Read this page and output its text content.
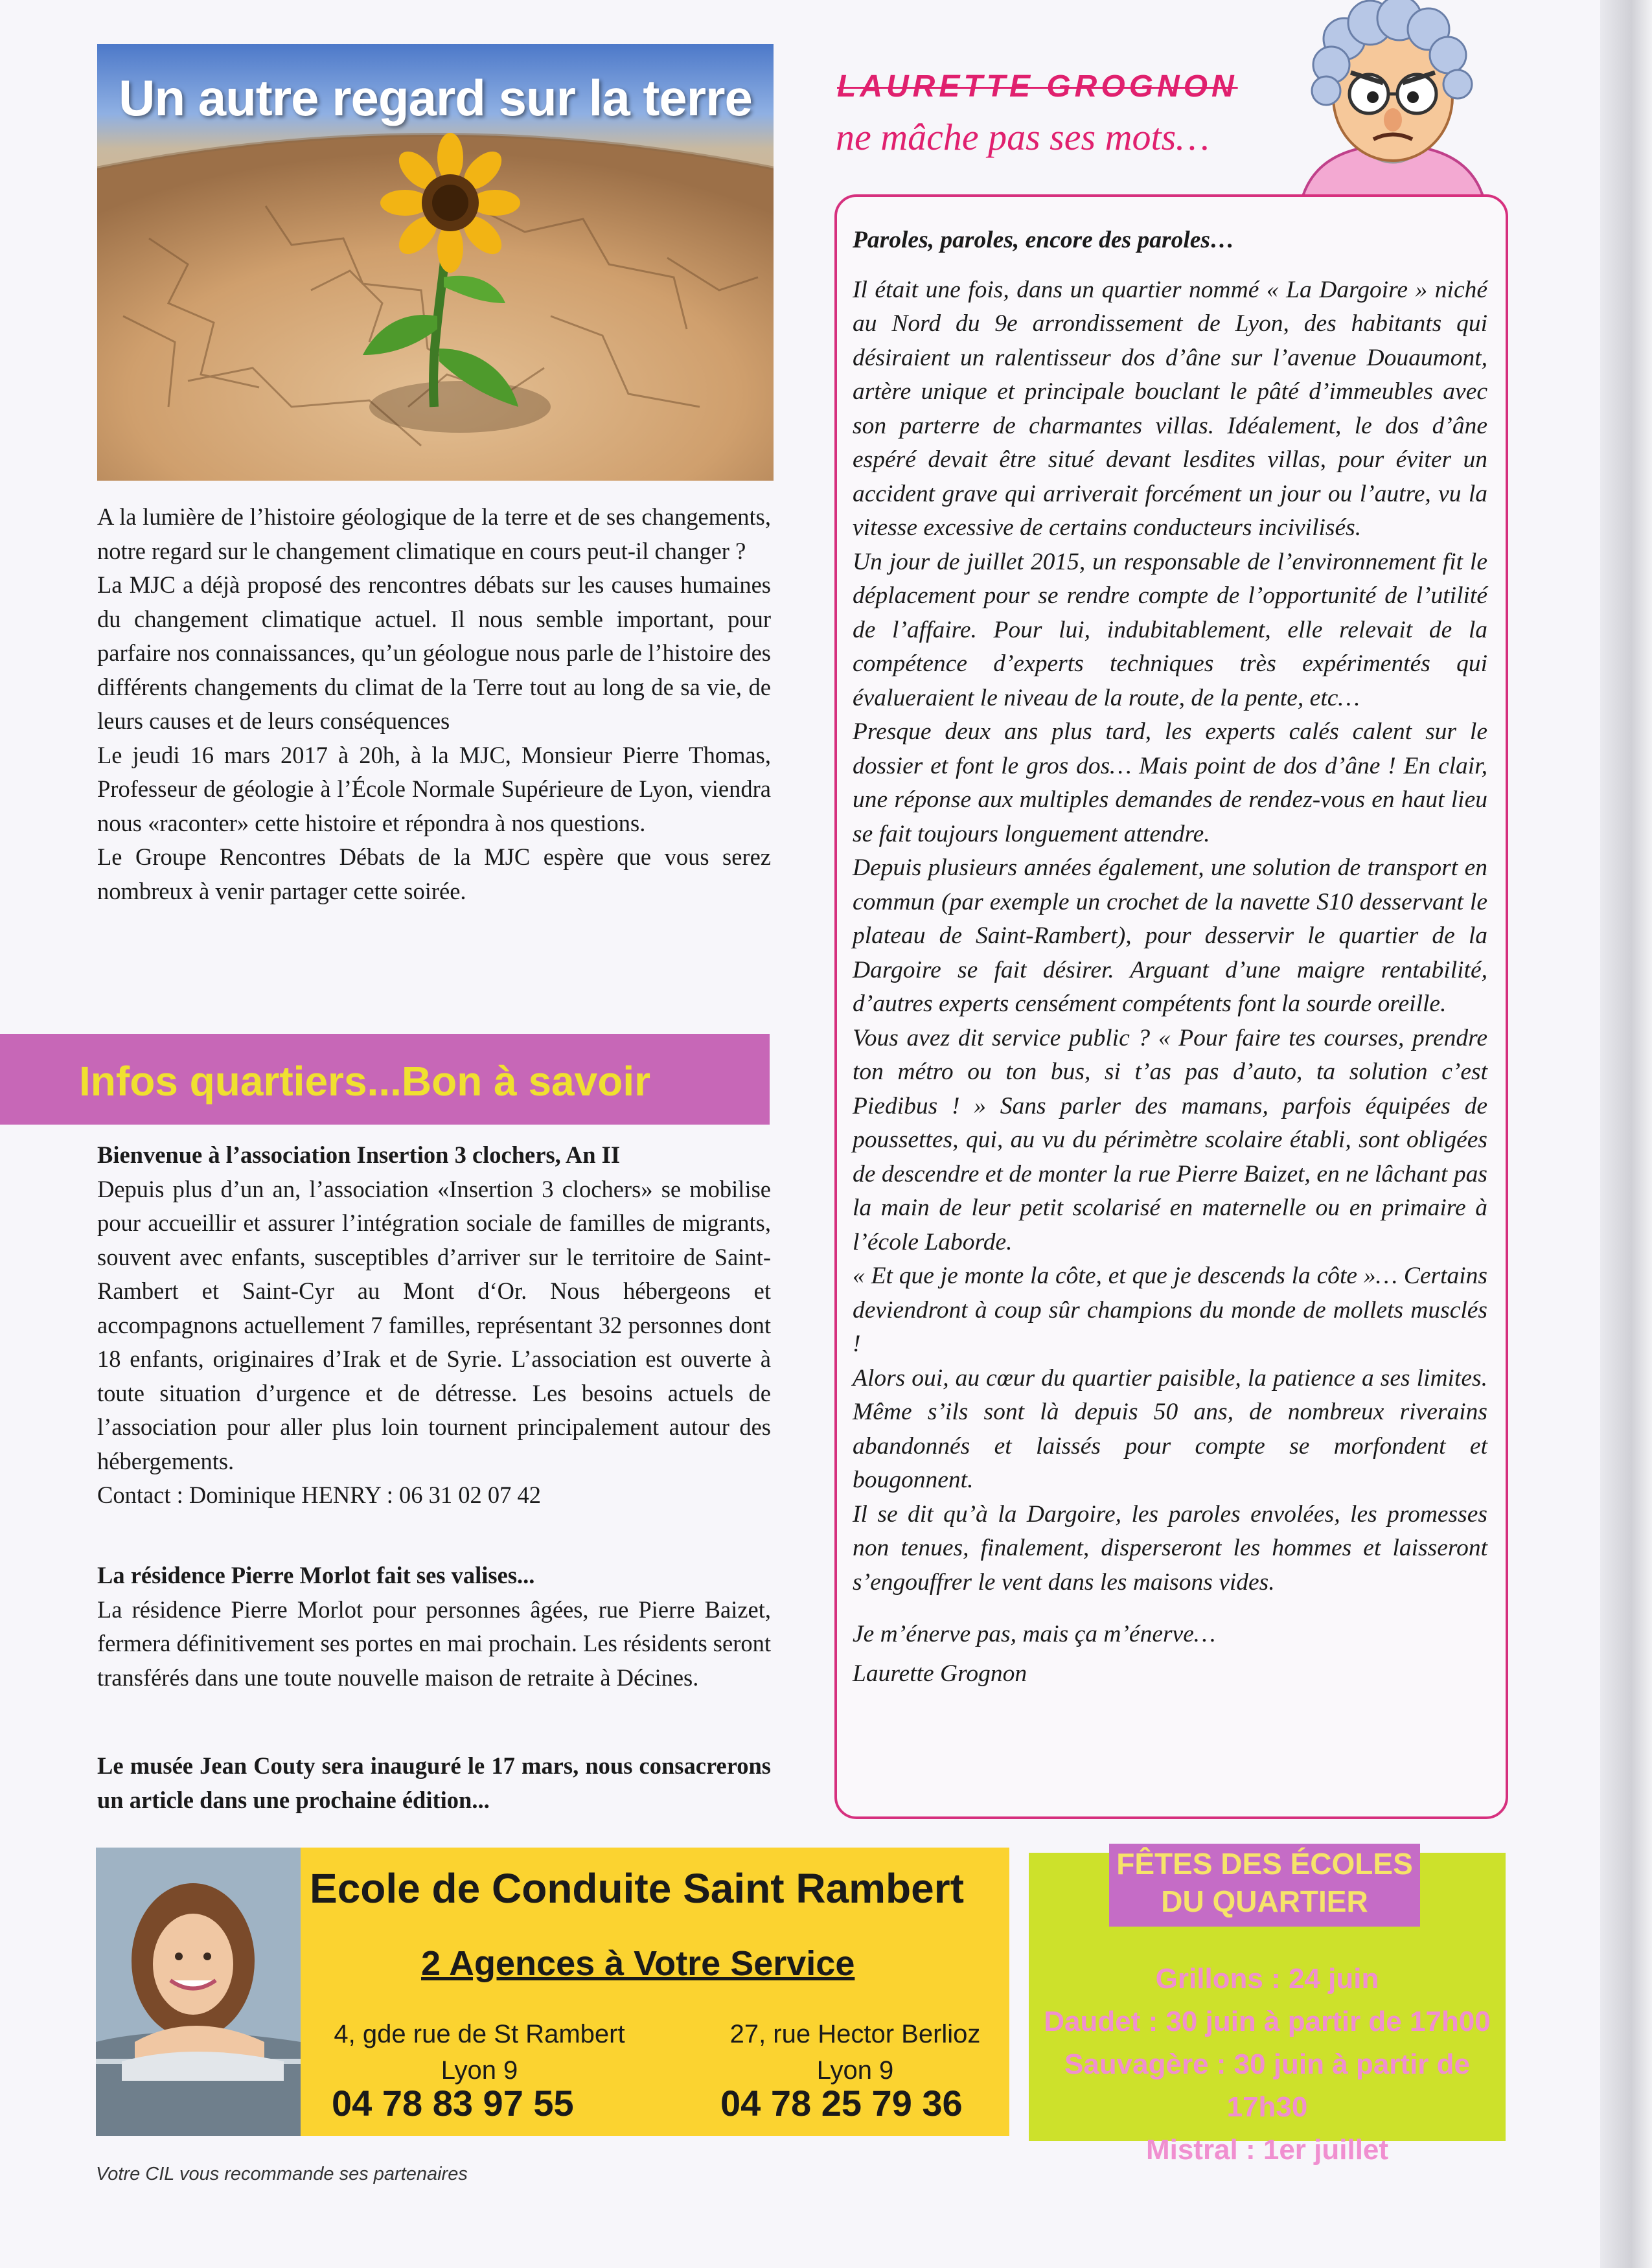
Un autre regard sur la terre

A la lumière de l’histoire géologique de la terre et de ses changements, notre regard sur le changement climatique en cours peut-il changer ?

La MJC a déjà proposé des rencontres débats sur les causes humaines du changement climatique actuel. Il nous semble important, pour parfaire nos connaissances, qu’un géologue nous parle de l’histoire des différents changements du climat de la Terre tout au long de sa vie, de leurs causes et de leurs conséquences

Le jeudi 16 mars 2017 à 20h, à la MJC, Monsieur Pierre Thomas, Professeur de géologie à l’École Normale Supérieure de Lyon, viendra nous «raconter» cette histoire et répondra à nos questions.

Le Groupe Rencontres Débats de la MJC espère que vous serez nombreux à venir partager cette soirée.

Infos quartiers...Bon à savoir

Bienvenue à l’association Insertion 3 clochers, An II

Depuis plus d’un an, l’association «Insertion 3 clochers» se mobilise pour accueillir et assurer l’intégration sociale de familles de migrants, souvent avec enfants, susceptibles d’arriver sur le territoire de Saint-Rambert et Saint-Cyr au Mont d‘Or. Nous hébergeons et accompagnons actuellement 7 familles, représentant 32 personnes dont 18 enfants, originaires d’Irak et de Syrie. L’association est ouverte à toute situation d’urgence et de détresse. Les besoins actuels de l’association pour aller plus loin tournent principalement autour des hébergements.

Contact : Dominique HENRY : 06 31 02 07 42

La résidence Pierre Morlot fait ses valises...

La résidence Pierre Morlot pour personnes âgées, rue Pierre Baizet, fermera définitivement ses portes en mai prochain. Les résidents seront transférés dans une toute nouvelle maison de retraite à Décines.

Le musée Jean Couty sera inauguré le 17 mars, nous consacrerons un article dans une prochaine édition...

LAURETTE GROGNON
ne mâche pas ses mots…

Paroles, paroles, encore des paroles…

Il était une fois, dans un quartier nommé « La Dargoire » niché au Nord du 9e arrondissement de Lyon, des habitants qui désiraient un ralentisseur dos d’âne sur l’avenue Douaumont, artère unique et principale bouclant le pâté d’immeubles avec son parterre de charmantes villas. Idéalement, le dos d’âne espéré devait être situé devant lesdites villas, pour éviter un accident grave qui arriverait forcément un jour ou l’autre, vu la vitesse excessive de certains conducteurs incivilisés.

Un jour de juillet 2015, un responsable de l’environnement fit le déplacement pour se rendre compte de l’opportunité de l’utilité de l’affaire. Pour lui, indubitablement, elle relevait de la compétence d’experts techniques très expérimentés qui évalueraient le niveau de la route, de la pente, etc…

Presque deux ans plus tard, les experts calés calent sur le dossier et font le gros dos… Mais point de dos d’âne ! En clair, une réponse aux multiples demandes de rendez-vous en haut lieu se fait toujours longuement attendre.

Depuis plusieurs années également, une solution de transport en commun (par exemple un crochet de la navette S10 desservant le plateau de Saint-Rambert), pour desservir le quartier de la Dargoire se fait désirer. Arguant d’une maigre rentabilité, d’autres experts censément compétents font la sourde oreille.

Vous avez dit service public ? « Pour faire tes courses, prendre ton métro ou ton bus, si t’as pas d’auto, ta solution c’est Piedibus ! » Sans parler des mamans, parfois équipées de poussettes, qui, au vu du périmètre scolaire établi, sont obligées de descendre et de monter la rue Pierre Baizet, en ne lâchant pas la main de leur petit scolarisé en maternelle ou en primaire à l’école Laborde.

« Et que je monte la côte, et que je descends la côte »… Certains deviendront à coup sûr champions du monde de mollets musclés !

Alors oui, au cœur du quartier paisible, la patience a ses limites. Même s’ils sont là depuis 50 ans, de nombreux riverains abandonnés et laissés pour compte se morfondent et bougonnent.

Il se dit qu’à la Dargoire, les paroles envolées, les promesses non tenues, finalement, disperseront les hommes et laisseront s’engouffrer le vent dans les maisons vides.

Je m’énerve pas, mais ça m’énerve…

Laurette Grognon

Ecole de Conduite Saint Rambert
2 Agences à Votre Service
4, gde rue de St Rambert
Lyon 9
04 78 83 97 55
27, rue Hector Berlioz
Lyon 9
04 78 25 79 36
FÊTES DES ÉCOLES
DU QUARTIER
Grillons : 24 juin
Daudet : 30 juin à partir de 17h00
Sauvagère : 30 juin à partir de 17h30
Mistral : 1er juillet
Votre CIL vous recommande ses partenaires
